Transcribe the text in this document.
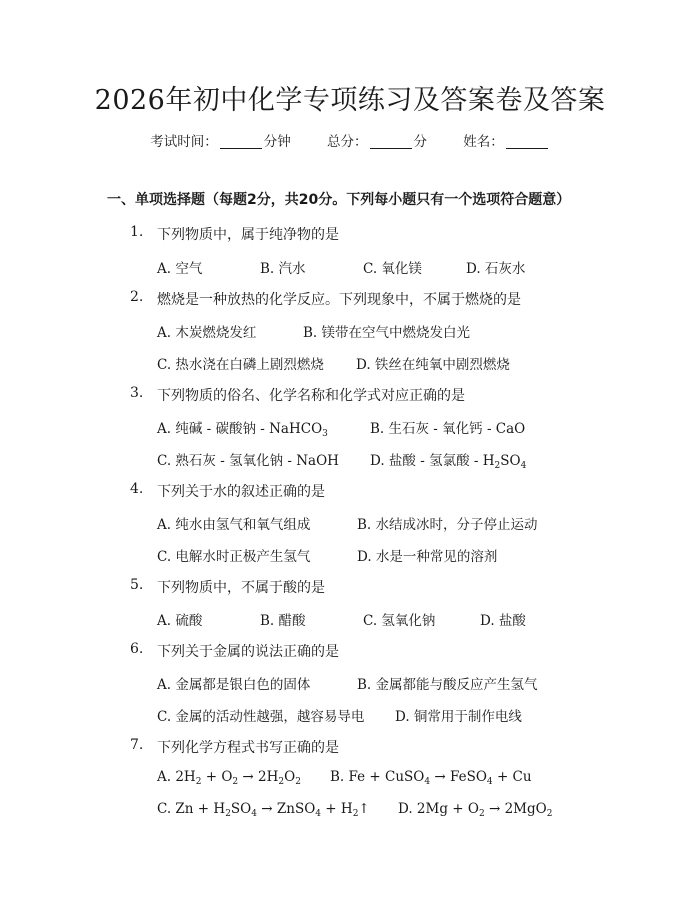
2026年初中化学专项练习及答案卷及答案
考试时间：	分钟	总分：	分	姓名：
一、单项选择题（每题2分，共20分。下列每小题只有一个选项符合题意）
1. 下列物质中，属于纯净物的是
A. 空气	B. 汽水	C. 氧化镁	D. 石灰水
2. 燃烧是一种放热的化学反应。下列现象中，不属于燃烧的是
A. 木炭燃烧发红	B. 镁带在空气中燃烧发白光
C. 热水浇在白磷上剧烈燃烧 D. 铁丝在纯氧中剧烈燃烧
3. 下列物质的俗名、化学名称和化学式对应正确的是
A. 纯碱 - 碳酸钠 - NaHCO$_3$	B. 生石灰 - 氧化钙 - CaO
C. 熟石灰 - 氢氧化钠 - NaOH D. 盐酸 - 氢氯酸 - $H_2SO_4$
4. 下列关于水的叙述正确的是
A. 纯水由氢气和氧气组成	B. 水结成冰时，分子停止运动
C. 电解水时正极产生氢气	D. 水是一种常见的溶剂
5. 下列物质中，不属于酸的是
A. 硫酸	B. 醋酸	C. 氢氧化钠	D. 盐酸
6. 下列关于金属的说法正确的是
A. 金属都是银白色的固体	B. 金属都能与酸反应产生氢气
C. 金属的活动性越强，越容易导电 D. 铜常用于制作电线
7. 下列化学方程式书写正确的是
A. $2H_2 + O_2 \to 2H_2O_2$ B. Fe + CuSO$_4$ → FeSO$_4$ + Cu
C. $Zn + H_2SO_4$ → ZnSO$_4$ + $H_2↑$ D. $2Mg + O_2 \to 2MgO_2$
